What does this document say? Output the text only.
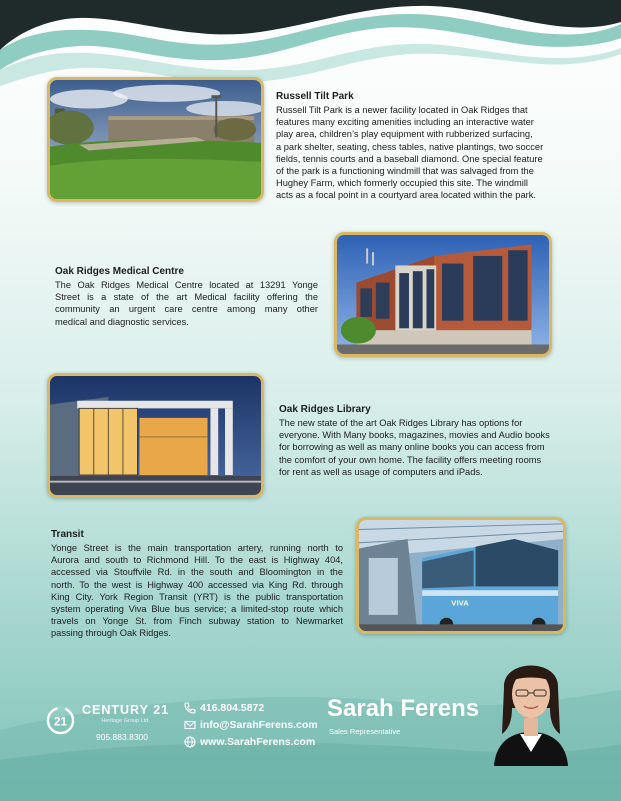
Russell Tilt Park
Russell Tilt Park is a newer facility located in Oak Ridges that
features many exciting amenities including an interactive water
play area, children’s play equipment with rubberized surfacing,
a park shelter, seating, chess tables, native plantings, two soccer
fields, tennis courts and a baseball diamond. One special feature
of the park is a functioning windmill that was salvaged from the
Hughey Farm, which formerly occupied this site. The windmill
acts as a focal point in a courtyard area located within the park.
Oak Ridges Medical Centre
The Oak Ridges Medical Centre located at 13291 Yonge
Street is a state of the art Medical facility offering the
community an urgent care centre among many other
medical and diagnostic services.
Oak Ridges Library
The new state of the art Oak Ridges Library has options for
everyone. With Many books, magazines, movies and Audio books
for borrowing as well as many online books you can access from
the comfort of your own home. The facility offers meeting rooms
for rent as well as usage of computers and iPads.
Transit
Yonge Street is the main transportation artery, running north to
Aurora and south to Richmond Hill. To the east is Highway 404,
accessed via Stouffvile Rd. in the south and Bloomington in the
north. To the west is Highway 400 accessed via King Rd. through
King City. York Region Transit (YRT) is the public transportation
system operating Viva Blue bus service; a limited-stop route which
travels on Yonge St. from Finch subway station to Newmarket
passing through Oak Ridges.
VIVA
21
CENTURY 21
Heritage Group Ltd.
905.883.8300
416.804.5872
info@SarahFerens.com
www.SarahFerens.com
Sarah Ferens
Sales Representative
